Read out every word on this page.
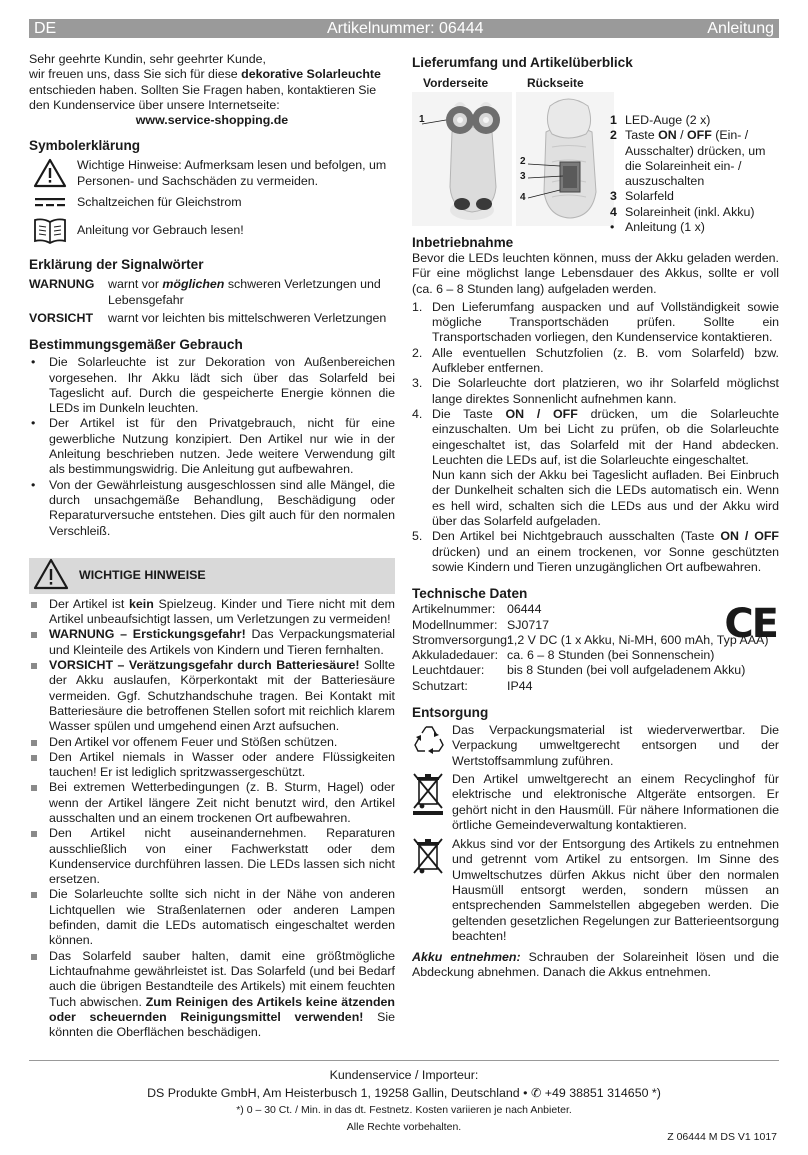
DE	Artikelnummer: 06444	Anleitung

Sehr geehrte Kundin, sehr geehrter Kunde,

wir freuen uns, dass Sie sich für diese dekorative Solarleuchte entschieden haben. Sollten Sie Fragen haben, kontaktieren Sie den Kundenservice über unsere Internetseite:

www.service-shopping.de

Symbolerklärung

Wichtige Hinweise: Aufmerksam lesen und befolgen, um Personen- und Sachschäden zu vermeiden.

Schaltzeichen für Gleichstrom

Anleitung vor Gebrauch lesen!

Erklärung der Signalwörter
WARNUNG	warnt vor möglichen schweren Verletzungen und Lebensgefahr
VORSICHT	warnt vor leichten bis mittelschweren Verletzungen
Bestimmungsgemäßer Gebrauch
• Die Solarleuchte ist zur Dekoration von Außenbereichen vorgesehen. Ihr Akku lädt sich über das Solarfeld bei Tageslicht auf. Durch die gespeicherte Energie können die LEDs im Dunkeln leuchten.
• Der Artikel ist für den Privatgebrauch, nicht für eine gewerbliche Nutzung konzipiert. Den Artikel nur wie in der Anleitung beschrieben nutzen. Jede weitere Verwendung gilt als bestimmungswidrig. Die Anleitung gut aufbewahren.
• Von der Gewährleistung ausgeschlossen sind alle Mängel, die durch unsachgemäße Behandlung, Beschädigung oder Reparaturversuche entstehen. Dies gilt auch für den normalen Verschleiß.
WICHTIGE HINWEISE
Der Artikel ist kein Spielzeug. Kinder und Tiere nicht mit dem Artikel unbeaufsichtigt lassen, um Verletzungen zu vermeiden!
WARNUNG – Erstickungsgefahr! Das Verpackungsmaterial und Kleinteile des Artikels von Kindern und Tieren fernhalten.
VORSICHT – Verätzungsgefahr durch Batteriesäure! Sollte der Akku auslaufen, Körperkontakt mit der Batteriesäure vermeiden. Ggf. Schutzhandschuhe tragen. Bei Kontakt mit Batteriesäure die betroffenen Stellen sofort mit reichlich klarem Wasser spülen und umgehend einen Arzt aufsuchen.
Den Artikel vor offenem Feuer und Stößen schützen.
Den Artikel niemals in Wasser oder andere Flüssigkeiten tauchen! Er ist lediglich spritzwassergeschützt.
Bei extremen Wetterbedingungen (z. B. Sturm, Hagel) oder wenn der Artikel längere Zeit nicht benutzt wird, den Artikel ausschalten und an einem trockenen Ort aufbewahren.
Den Artikel nicht auseinandernehmen. Reparaturen ausschließlich von einer Fachwerkstatt oder dem Kundenservice durchführen lassen. Die LEDs lassen sich nicht ersetzen.
Die Solarleuchte sollte sich nicht in der Nähe von anderen Lichtquellen wie Straßenlaternen oder anderen Lampen befinden, damit die LEDs automatisch eingeschaltet werden können.
Das Solarfeld sauber halten, damit eine größtmögliche Lichtaufnahme gewährleistet ist. Das Solarfeld (und bei Bedarf auch die übrigen Bestandteile des Artikels) mit einem feuchten Tuch abwischen. Zum Reinigen des Artikels keine ätzenden oder scheuernden Reinigungsmittel verwenden! Sie könnten die Oberflächen beschädigen.
Lieferumfang und Artikelüberblick
Vorderseite	Rückseite
1
2
3
4
1 LED-Auge (2 x)
2 Taste ON / OFF (Ein- / Ausschalter) drücken, um die Solareinheit ein- / auszuschalten
3 Solarfeld
4 Solareinheit (inkl. Akku)
• Anleitung (1 x)
Inbetriebnahme

Bevor die LEDs leuchten können, muss der Akku geladen werden. Für eine möglichst lange Lebensdauer des Akkus, sollte er voll (ca. 6 – 8 Stunden lang) aufgeladen werden.

1. Den Lieferumfang auspacken und auf Vollständigkeit sowie mögliche Transportschäden prüfen. Sollte ein Transportschaden vorliegen, den Kundenservice kontaktieren.
2. Alle eventuellen Schutzfolien (z. B. vom Solarfeld) bzw. Aufkleber entfernen.
3. Die Solarleuchte dort platzieren, wo ihr Solarfeld möglichst lange direktes Sonnenlicht aufnehmen kann.
4. Die Taste ON / OFF drücken, um die Solarleuchte einzuschalten. Um bei Licht zu prüfen, ob die Solarleuchte eingeschaltet ist, das Solarfeld mit der Hand abdecken. Leuchten die LEDs auf, ist die Solarleuchte eingeschaltet.
Nun kann sich der Akku bei Tageslicht aufladen. Bei Einbruch der Dunkelheit schalten sich die LEDs automatisch ein. Wenn es hell wird, schalten sich die LEDs aus und der Akku wird über das Solarfeld aufgeladen.
5. Den Artikel bei Nichtgebrauch ausschalten (Taste ON / OFF drücken) und an einem trockenen, vor Sonne geschützten sowie Kindern und Tieren unzugänglichen Ort aufbewahren.
Technische Daten
Artikelnummer: 06444
Modellnummer: SJ0717
Stromversorgung:
1,2 V DC (1 x Akku, Ni-MH, 600 mAh, Typ AAA)
Akkuladedauer: ca. 6 – 8 Stunden (bei Sonnenschein)
Leuchtdauer:	bis 8 Stunden (bei voll aufgeladenem Akku)
Schutzart:	IP44
CE
Entsorgung

Das Verpackungsmaterial ist wiederverwertbar. Die Verpackung umweltgerecht entsorgen und der Wertstoffsammlung zuführen.

Den Artikel umweltgerecht an einem Recyclinghof für elektrische und elektronische Altgeräte entsorgen. Er gehört nicht in den Hausmüll. Für nähere Informationen die örtliche Gemeindeverwaltung kontaktieren.

Akkus sind vor der Entsorgung des Artikels zu entnehmen und getrennt vom Artikel zu entsorgen. Im Sinne des Umweltschutzes dürfen Akkus nicht über den normalen Hausmüll entsorgt werden, sondern müssen an entsprechenden Sammelstellen abgegeben werden. Die geltenden gesetzlichen Regelungen zur Batterieentsorgung beachten!

Akku entnehmen: Schrauben der Solareinheit lösen und die Abdeckung abnehmen. Danach die Akkus entnehmen.

Kundenservice / Importeur:
DS Produkte GmbH, Am Heisterbusch 1, 19258 Gallin, Deutschland • ✆ +49 38851 314650 *)
*) 0 – 30 Ct. / Min. in das dt. Festnetz. Kosten variieren je nach Anbieter.
Alle Rechte vorbehalten.
Z 06444 M DS V1 1017
